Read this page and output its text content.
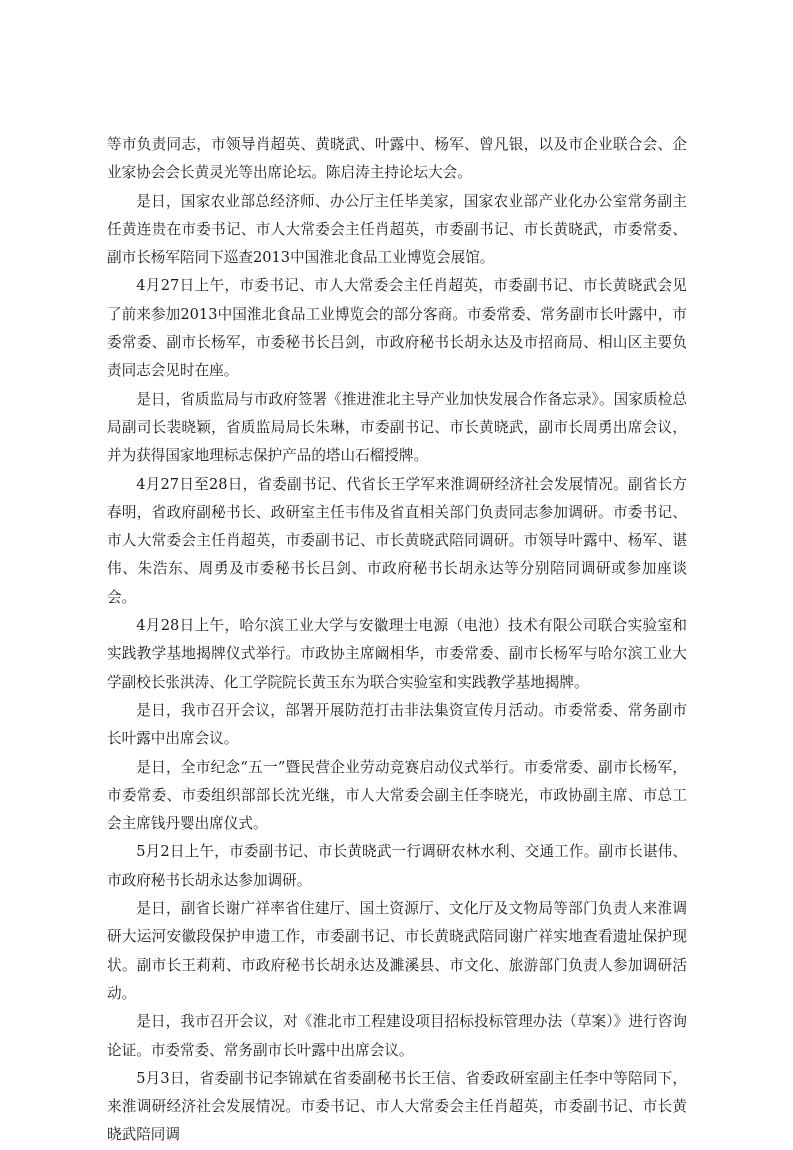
等市负责同志，市领导肖超英、黄晓武、叶露中、杨军、曾凡银，以及市企业联合会、企业家协会会长黄灵光等出席论坛。陈启涛主持论坛大会。

是日，国家农业部总经济师、办公厅主任毕美家，国家农业部产业化办公室常务副主任黄连贵在市委书记、市人大常委会主任肖超英，市委副书记、市长黄晓武，市委常委、副市长杨军陪同下巡查2013中国淮北食品工业博览会展馆。

4月27日上午，市委书记、市人大常委会主任肖超英，市委副书记、市长黄晓武会见了前来参加2013中国淮北食品工业博览会的部分客商。市委常委、常务副市长叶露中，市委常委、副市长杨军，市委秘书长吕剑，市政府秘书长胡永达及市招商局、相山区主要负责同志会见时在座。

是日，省质监局与市政府签署《推进淮北主导产业加快发展合作备忘录》。国家质检总局副司长裴晓颖，省质监局局长朱琳，市委副书记、市长黄晓武，副市长周勇出席会议，并为获得国家地理标志保护产品的塔山石榴授牌。

4月27日至28日，省委副书记、代省长王学军来淮调研经济社会发展情况。副省长方春明，省政府副秘书长、政研室主任韦伟及省直相关部门负责同志参加调研。市委书记、市人大常委会主任肖超英，市委副书记、市长黄晓武陪同调研。市领导叶露中、杨军、谌伟、朱浩东、周勇及市委秘书长吕剑、市政府秘书长胡永达等分别陪同调研或参加座谈会。

4月28日上午，哈尔滨工业大学与安徽理士电源（电池）技术有限公司联合实验室和实践教学基地揭牌仪式举行。市政协主席阚相华，市委常委、副市长杨军与哈尔滨工业大学副校长张洪涛、化工学院院长黄玉东为联合实验室和实践教学基地揭牌。

是日，我市召开会议，部署开展防范打击非法集资宣传月活动。市委常委、常务副市长叶露中出席会议。

是日，全市纪念“五一”暨民营企业劳动竞赛启动仪式举行。市委常委、副市长杨军，市委常委、市委组织部部长沈光继，市人大常委会副主任李晓光，市政协副主席、市总工会主席钱丹婴出席仪式。

5月2日上午，市委副书记、市长黄晓武一行调研农林水利、交通工作。副市长谌伟、市政府秘书长胡永达参加调研。

是日，副省长谢广祥率省住建厅、国土资源厅、文化厅及文物局等部门负责人来淮调研大运河安徽段保护申遗工作，市委副书记、市长黄晓武陪同谢广祥实地查看遗址保护现状。副市长王莉莉、市政府秘书长胡永达及濉溪县、市文化、旅游部门负责人参加调研活动。

是日，我市召开会议，对《淮北市工程建设项目招标投标管理办法（草案）》进行咨询论证。市委常委、常务副市长叶露中出席会议。

5月3日，省委副书记李锦斌在省委副秘书长王信、省委政研室副主任李中等陪同下，来淮调研经济社会发展情况。市委书记、市人大常委会主任肖超英，市委副书记、市长黄晓武陪同调
